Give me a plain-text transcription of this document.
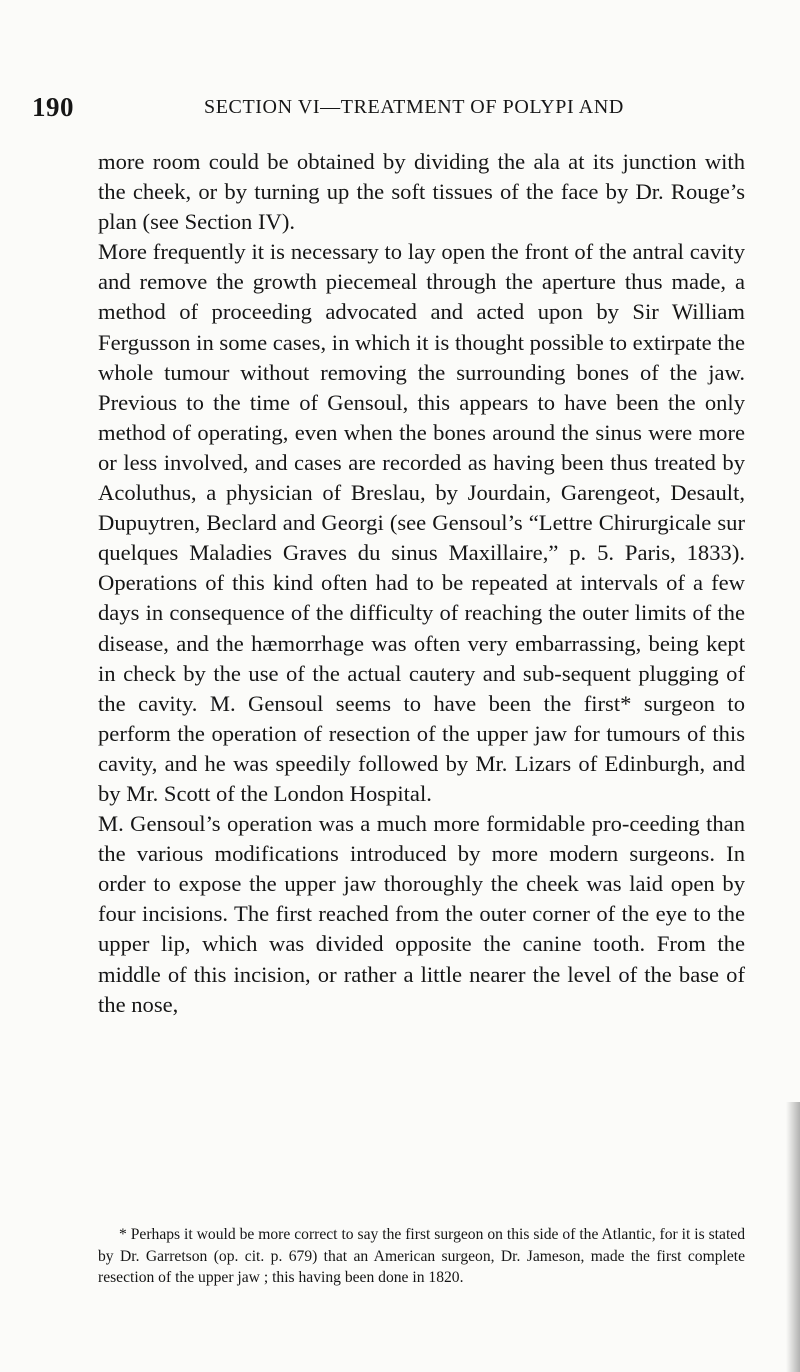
190	SECTION VI—TREATMENT OF POLYPI AND

more room could be obtained by dividing the ala at its junction with the cheek, or by turning up the soft tissues of the face by Dr. Rouge’s plan (see Section IV).

More frequently it is necessary to lay open the front of the antral cavity and remove the growth piecemeal through the aperture thus made, a method of proceeding advocated and acted upon by Sir William Fergusson in some cases, in which it is thought possible to extirpate the whole tumour without removing the surrounding bones of the jaw. Previous to the time of Gensoul, this appears to have been the only method of operating, even when the bones around the sinus were more or less involved, and cases are recorded as having been thus treated by Acoluthus, a physician of Breslau, by Jourdain, Garengeot, Desault, Dupuytren, Beclard and Georgi (see Gensoul’s “Lettre Chirurgicale sur quelques Maladies Graves du sinus Maxillaire,” p. 5. Paris, 1833). Operations of this kind often had to be repeated at intervals of a few days in consequence of the difficulty of reaching the outer limits of the disease, and the hæmorrhage was often very embarrassing, being kept in check by the use of the actual cautery and sub-sequent plugging of the cavity. M. Gensoul seems to have been the first* surgeon to perform the operation of resection of the upper jaw for tumours of this cavity, and he was speedily followed by Mr. Lizars of Edinburgh, and by Mr. Scott of the London Hospital.

M. Gensoul’s operation was a much more formidable pro-ceeding than the various modifications introduced by more modern surgeons. In order to expose the upper jaw thoroughly the cheek was laid open by four incisions. The first reached from the outer corner of the eye to the upper lip, which was divided opposite the canine tooth. From the middle of this incision, or rather a little nearer the level of the base of the nose,

* Perhaps it would be more correct to say the first surgeon on this side of the Atlantic, for it is stated by Dr. Garretson (op. cit. p. 679) that an American surgeon, Dr. Jameson, made the first complete resection of the upper jaw ; this having been done in 1820.
